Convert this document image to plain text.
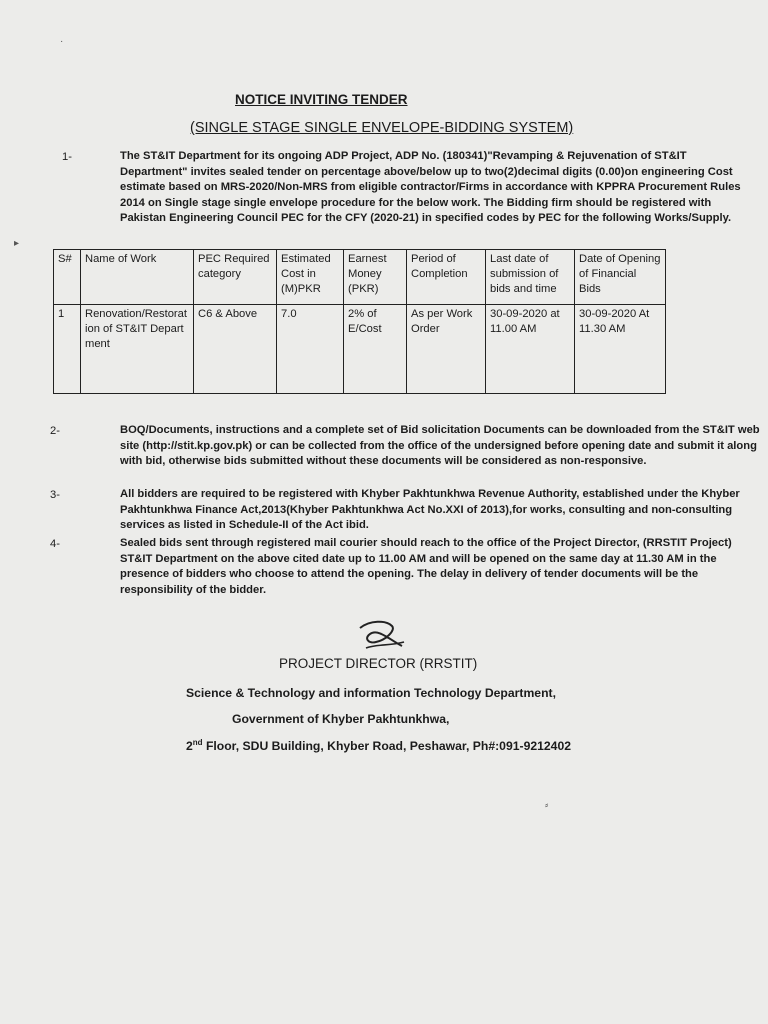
NOTICE INVITING TENDER
(SINGLE STAGE SINGLE ENVELOPE-BIDDING SYSTEM)
1-	The ST&IT Department for its ongoing ADP Project, ADP No. (180341)"Revamping & Rejuvenation of ST&IT Department" invites sealed tender on percentage above/below up to two(2)decimal digits (0.00)on engineering Cost estimate based on MRS-2020/Non-MRS from eligible contractor/Firms in accordance with KPPRA Procurement Rules 2014 on Single stage single envelope procedure for the below work. The Bidding firm should be registered with Pakistan Engineering Council PEC for the CFY (2020-21) in specified codes by PEC for the following Works/Supply.
S#	Name of Work	PEC Required category	Estimated Cost in (M)PKR	Earnest Money (PKR)	Period of Completion	Last date of submission of bids and time	Date of Opening of Financial Bids
1	Renovation/Restoration of ST&IT Department	C6 & Above	7.0	2% of E/Cost	As per Work Order	30-09-2020 at 11.00 AM	30-09-2020 At 11.30 AM
2-	BOQ/Documents, instructions and a complete set of Bid solicitation Documents can be downloaded from the ST&IT web site (http://stit.kp.gov.pk) or can be collected from the office of the undersigned before opening date and submit it along with bid, otherwise bids submitted without these documents will be considered as non-responsive.
3-	All bidders are required to be registered with Khyber Pakhtunkhwa Revenue Authority, established under the Khyber Pakhtunkhwa Finance Act,2013(Khyber Pakhtunkhwa Act No.XXI of 2013),for works, consulting and non-consulting services as listed in Schedule-II of the Act ibid.
4-	Sealed bids sent through registered mail courier should reach to the office of the Project Director, (RRSTIT Project) ST&IT Department on the above cited date up to 11.00 AM and will be opened on the same day at 11.30 AM in the presence of bidders who choose to attend the opening. The delay in delivery of tender documents will be the responsibility of the bidder.
PROJECT DIRECTOR (RRSTIT)
Science & Technology and information Technology Department,
Government of Khyber Pakhtunkhwa,
2nd Floor, SDU Building, Khyber Road, Peshawar, Ph#:091-9212402
·
▸
⸗
